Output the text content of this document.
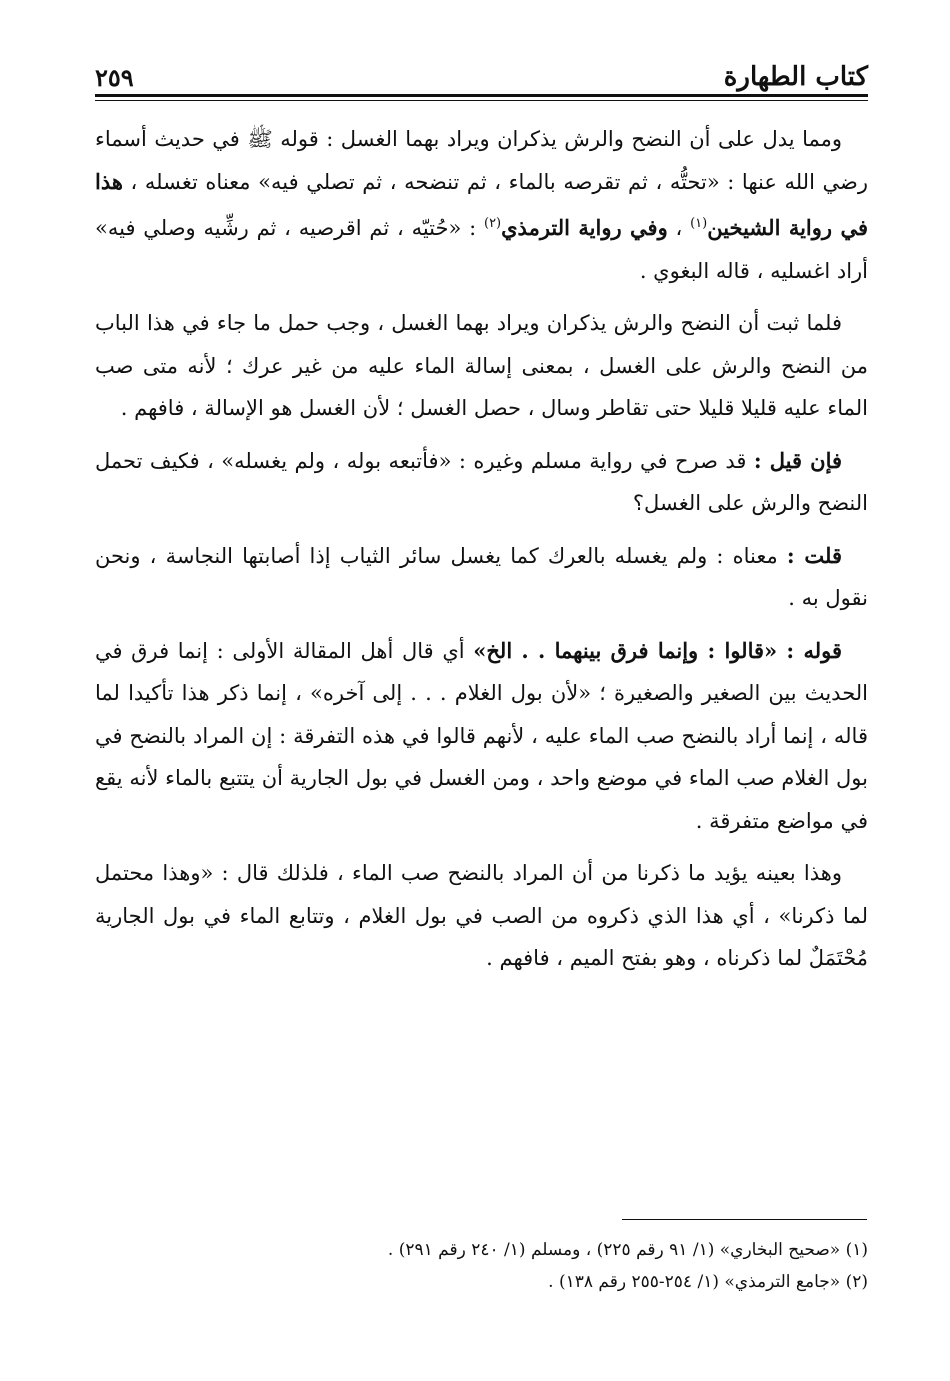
كتاب الطهارة
٢٥٩

ومما يدل على أن النضح والرش يذكران ويراد بهما الغسل : قوله ﷺ في حديث أسماء رضي الله عنها : «تحتُّه ، ثم تقرصه بالماء ، ثم تنضحه ، ثم تصلي فيه» معناه تغسله ، هذا في رواية الشيخين$^{(١)}$ ، وفي رواية الترمذي$^{(٢)}$ : «حُتيّه ، ثم اقرصيه ، ثم رشِّيه وصلي فيه» أراد اغسليه ، قاله البغوي .

فلما ثبت أن النضح والرش يذكران ويراد بهما الغسل ، وجب حمل ما جاء في هذا الباب من النضح والرش على الغسل ، بمعنى إسالة الماء عليه من غير عرك ؛ لأنه متى صب الماء عليه قليلا قليلا حتى تقاطر وسال ، حصل الغسل ؛ لأن الغسل هو الإسالة ، فافهم .

فإن قيل : قد صرح في رواية مسلم وغيره : «فأتبعه بوله ، ولم يغسله» ، فكيف تحمل النضح والرش على الغسل؟

قلت : معناه : ولم يغسله بالعرك كما يغسل سائر الثياب إذا أصابتها النجاسة ، ونحن نقول به .

قوله : «قالوا : وإنما فرق بينهما . . الخ» أي قال أهل المقالة الأولى : إنما فرق في الحديث بين الصغير والصغيرة ؛ «لأن بول الغلام . . . إلى آخره» ، إنما ذكر هذا تأكيدا لما قاله ، إنما أراد بالنضح صب الماء عليه ، لأنهم قالوا في هذه التفرقة : إن المراد بالنضح في بول الغلام صب الماء في موضع واحد ، ومن الغسل في بول الجارية أن يتتبع بالماء لأنه يقع في مواضع متفرقة .

وهذا بعينه يؤيد ما ذكرنا من أن المراد بالنضح صب الماء ، فلذلك قال : «وهذا محتمل لما ذكرنا» ، أي هذا الذي ذكروه من الصب في بول الغلام ، وتتابع الماء في بول الجارية مُحْتَمَلٌ لما ذكرناه ، وهو بفتح الميم ، فافهم .

(١) «صحيح البخاري» (١/ ٩١ رقم ٢٢٥) ، ومسلم (١/ ٢٤٠ رقم ٢٩١) .

(٢) «جامع الترمذي» (١/ ٢٥٤-٢٥٥ رقم ١٣٨) .
